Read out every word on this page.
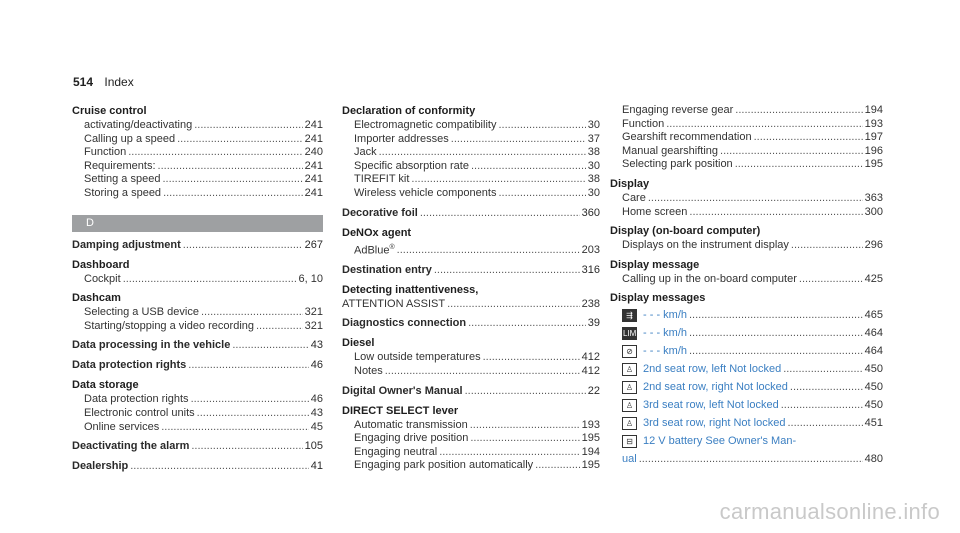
514 Index
Cruise control
activating/deactivating .....	241
Calling up a speed .....	241
Function .....	240
Requirements: .....	241
Setting a speed .....	241
Storing a speed .....	241
D
Damping adjustment .....	267
Dashboard
Cockpit .....	6, 10
Dashcam
Selecting a USB device .....	321
Starting/stopping a video recording .....	321
Data processing in the vehicle .....	43
Data protection rights .....	46
Data storage
Data protection rights .....	46
Electronic control units .....	43
Online services .....	45
Deactivating the alarm .....	105
Dealership .....	41
Declaration of conformity
Electromagnetic compatibility .....	30
Importer addresses .....	37
Jack .....	38
Specific absorption rate .....	30
TIREFIT kit .....	38
Wireless vehicle components .....	30
Decorative foil .....	360
DeNOx agent
AdBlue® .....	203
Destination entry .....	316
Detecting inattentiveness,
ATTENTION ASSIST .....	238
Diagnostics connection .....	39
Diesel
Low outside temperatures .....	412
Notes .....	412
Digital Owner's Manual .....	22
DIRECT SELECT lever
Automatic transmission .....	193
Engaging drive position .....	195
Engaging neutral .....	194
Engaging park position automatically .....	195
Engaging reverse gear .....	194
Function .....	193
Gearshift recommendation .....	197
Manual gearshifting .....	196
Selecting park position .....	195
Display
Care .....	363
Home screen .....	300
Display (on-board computer)
Displays on the instrument display .....	296
Display message
Calling up in the on-board computer .....	425
Display messages
⇶ - - - km/h .....	465
LIM - - - km/h .....	464
⊘ - - - km/h .....	464
♙ 2nd seat row, left Not locked .....	450
♙ 2nd seat row, right Not locked .....	450
♙ 3rd seat row, left Not locked .....	450
♙ 3rd seat row, right Not locked .....	451
⊟ 12 V battery See Owner's Man-
ual .....	480
carmanualsonline.info
